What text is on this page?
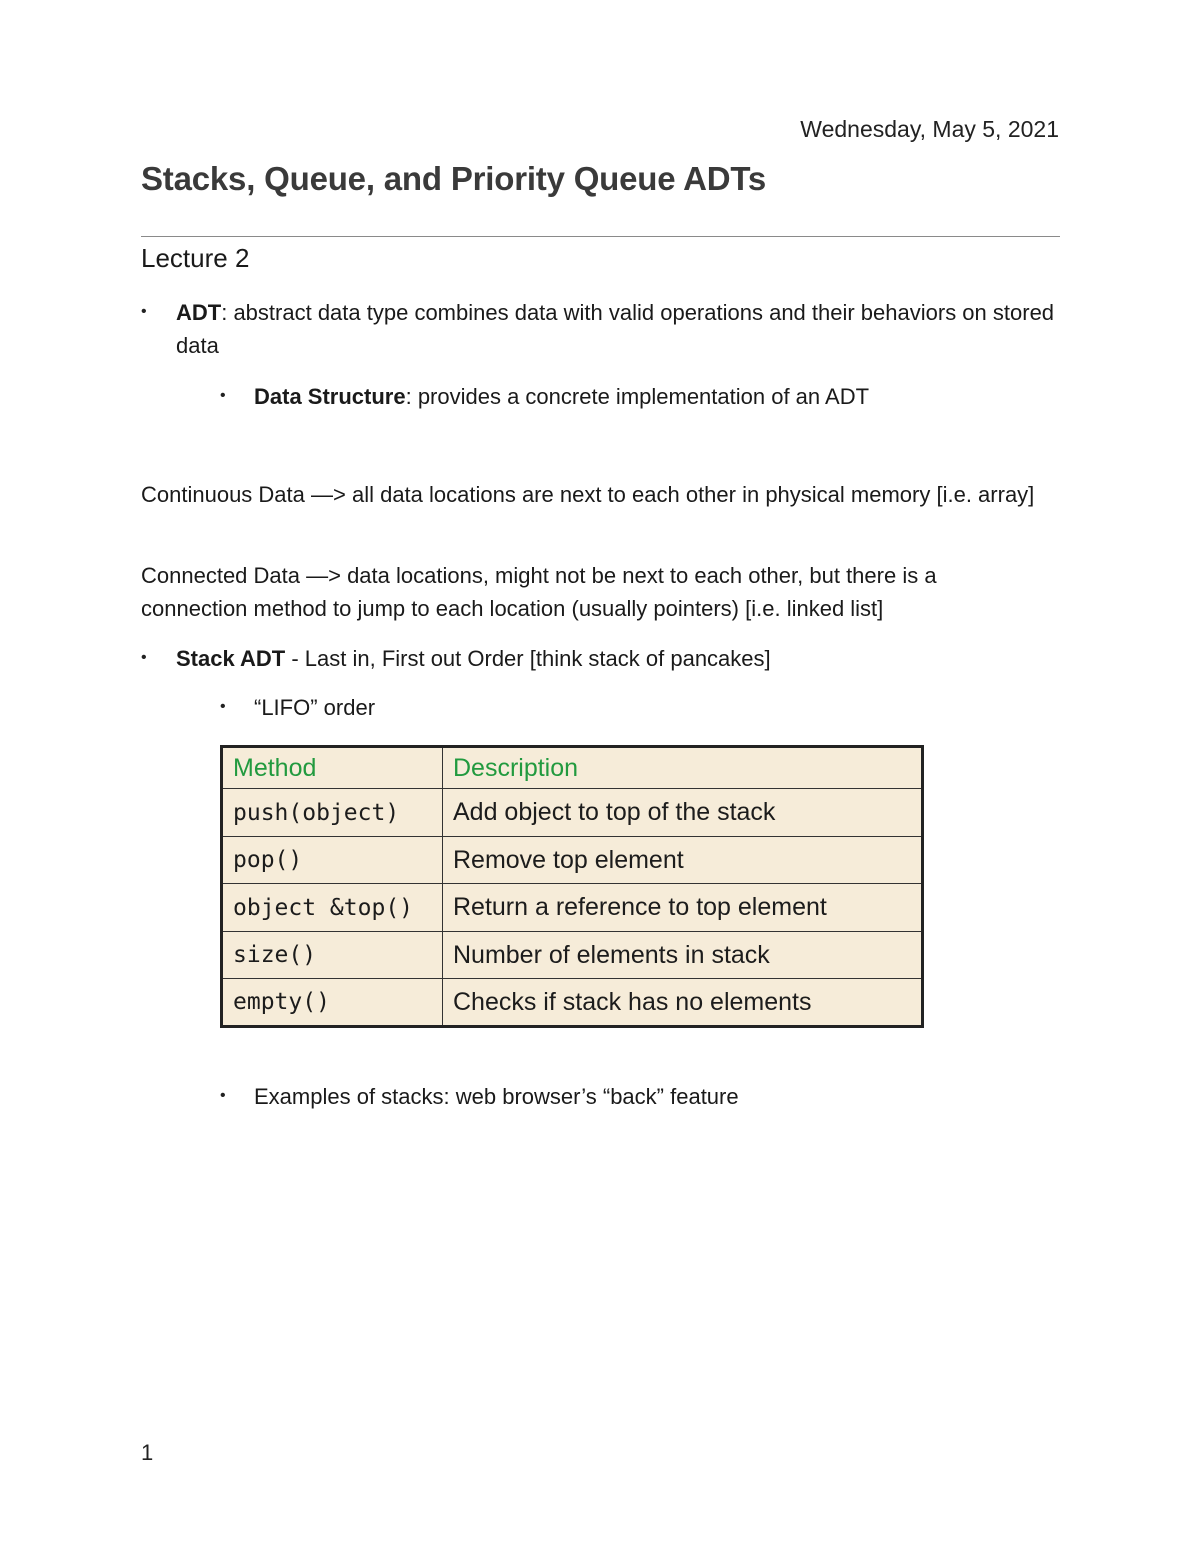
Wednesday, May 5, 2021
Stacks, Queue, and Priority Queue ADTs
Lecture 2
• ADT: abstract data type combines data with valid operations and their behaviors on stored data
• Data Structure: provides a concrete implementation of an ADT
Continuous Data —> all data locations are next to each other in physical memory [i.e. array]
Connected Data —> data locations, might not be next to each other, but there is a connection method to jump to each location (usually pointers) [i.e. linked list]
• Stack ADT - Last in, First out Order [think stack of pancakes]
• “LIFO” order
Method	Description
push(object)	Add object to top of the stack
pop()	Remove top element
object &top()	Return a reference to top element
size()	Number of elements in stack
empty()	Checks if stack has no elements
• Examples of stacks: web browser’s “back” feature
1
